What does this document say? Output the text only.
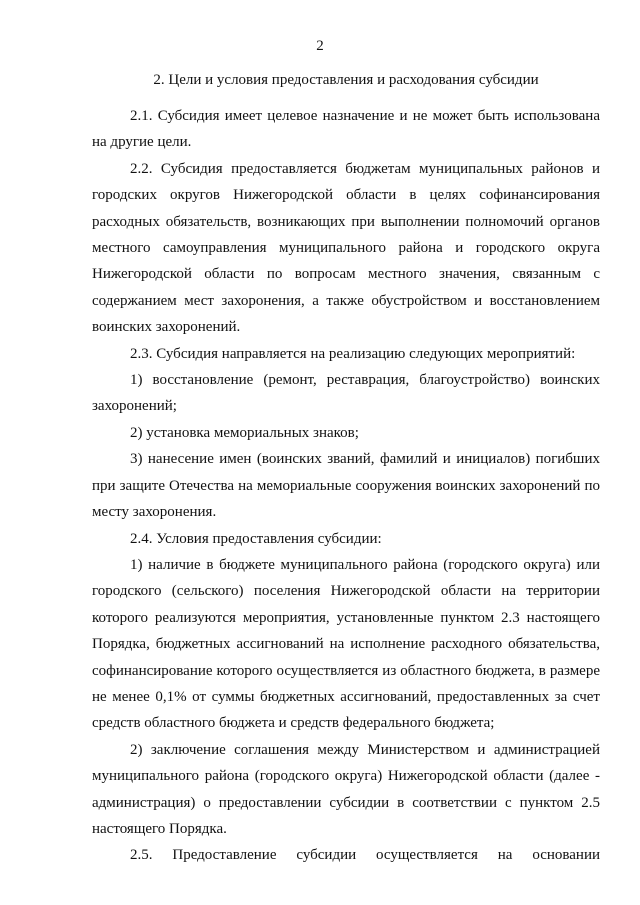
2
2. Цели и условия предоставления и расходования субсидии

2.1. Субсидия имеет целевое назначение и не может быть использована на другие цели.

2.2. Субсидия предоставляется бюджетам муниципальных районов и городских округов Нижегородской области в целях софинансирования расходных обязательств, возникающих при выполнении полномочий органов местного самоуправления муниципального района и городского округа Нижегородской области по вопросам местного значения, связанным с содержанием мест захоронения, а также обустройством и восстановлением воинских захоронений.

2.3. Субсидия направляется на реализацию следующих мероприятий:

1) восстановление (ремонт, реставрация, благоустройство) воинских захоронений;

2) установка мемориальных знаков;

3) нанесение имен (воинских званий, фамилий и инициалов) погибших при защите Отечества на мемориальные сооружения воинских захоронений по месту захоронения.

2.4. Условия предоставления субсидии:

1) наличие в бюджете муниципального района (городского округа) или городского (сельского) поселения Нижегородской области на территории которого реализуются мероприятия, установленные пунктом 2.3 настоящего Порядка, бюджетных ассигнований на исполнение расходного обязательства, софинансирование которого осуществляется из областного бюджета, в размере не менее 0,1% от суммы бюджетных ассигнований, предоставленных за счет средств областного бюджета и средств федерального бюджета;

2) заключение соглашения между Министерством и администрацией муниципального района (городского округа) Нижегородской области (далее - администрация) о предоставлении субсидии в соответствии с пунктом 2.5 настоящего Порядка.

2.5. Предоставление субсидии осуществляется на основании
